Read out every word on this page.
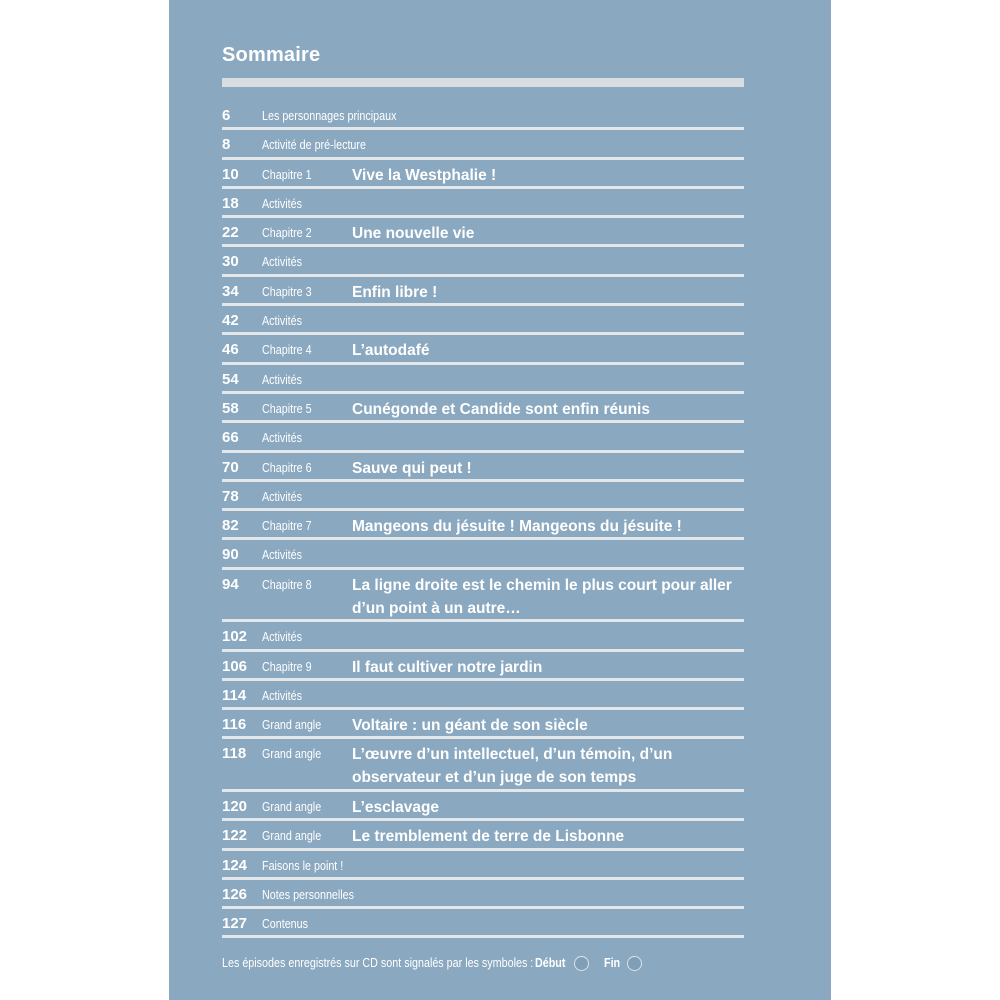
Sommaire
6	Les personnages principaux
8	Activité de pré-lecture
10	Chapitre 1	Vive la Westphalie !
18	Activités
22	Chapitre 2	Une nouvelle vie
30	Activités
34	Chapitre 3	Enfin libre !
42	Activités
46	Chapitre 4	L’autodafé
54	Activités
58	Chapitre 5	Cunégonde et Candide sont enfin réunis
66	Activités
70	Chapitre 6	Sauve qui peut !
78	Activités
82	Chapitre 7	Mangeons du jésuite ! Mangeons du jésuite !
90	Activités
94	Chapitre 8	La ligne droite est le chemin le plus court pour aller d’un point à un autre…
102	Activités
106	Chapitre 9	Il faut cultiver notre jardin
114	Activités
116	Grand angle	Voltaire : un géant de son siècle
118	Grand angle	L’œuvre d’un intellectuel, d’un témoin, d’un observateur et d’un juge de son temps
120	Grand angle	L’esclavage
122	Grand angle	Le tremblement de terre de Lisbonne
124	Faisons le point !
126	Notes personnelles
127	Contenus
Les épisodes enregistrés sur CD sont signalés par les symboles : Début	Fin
